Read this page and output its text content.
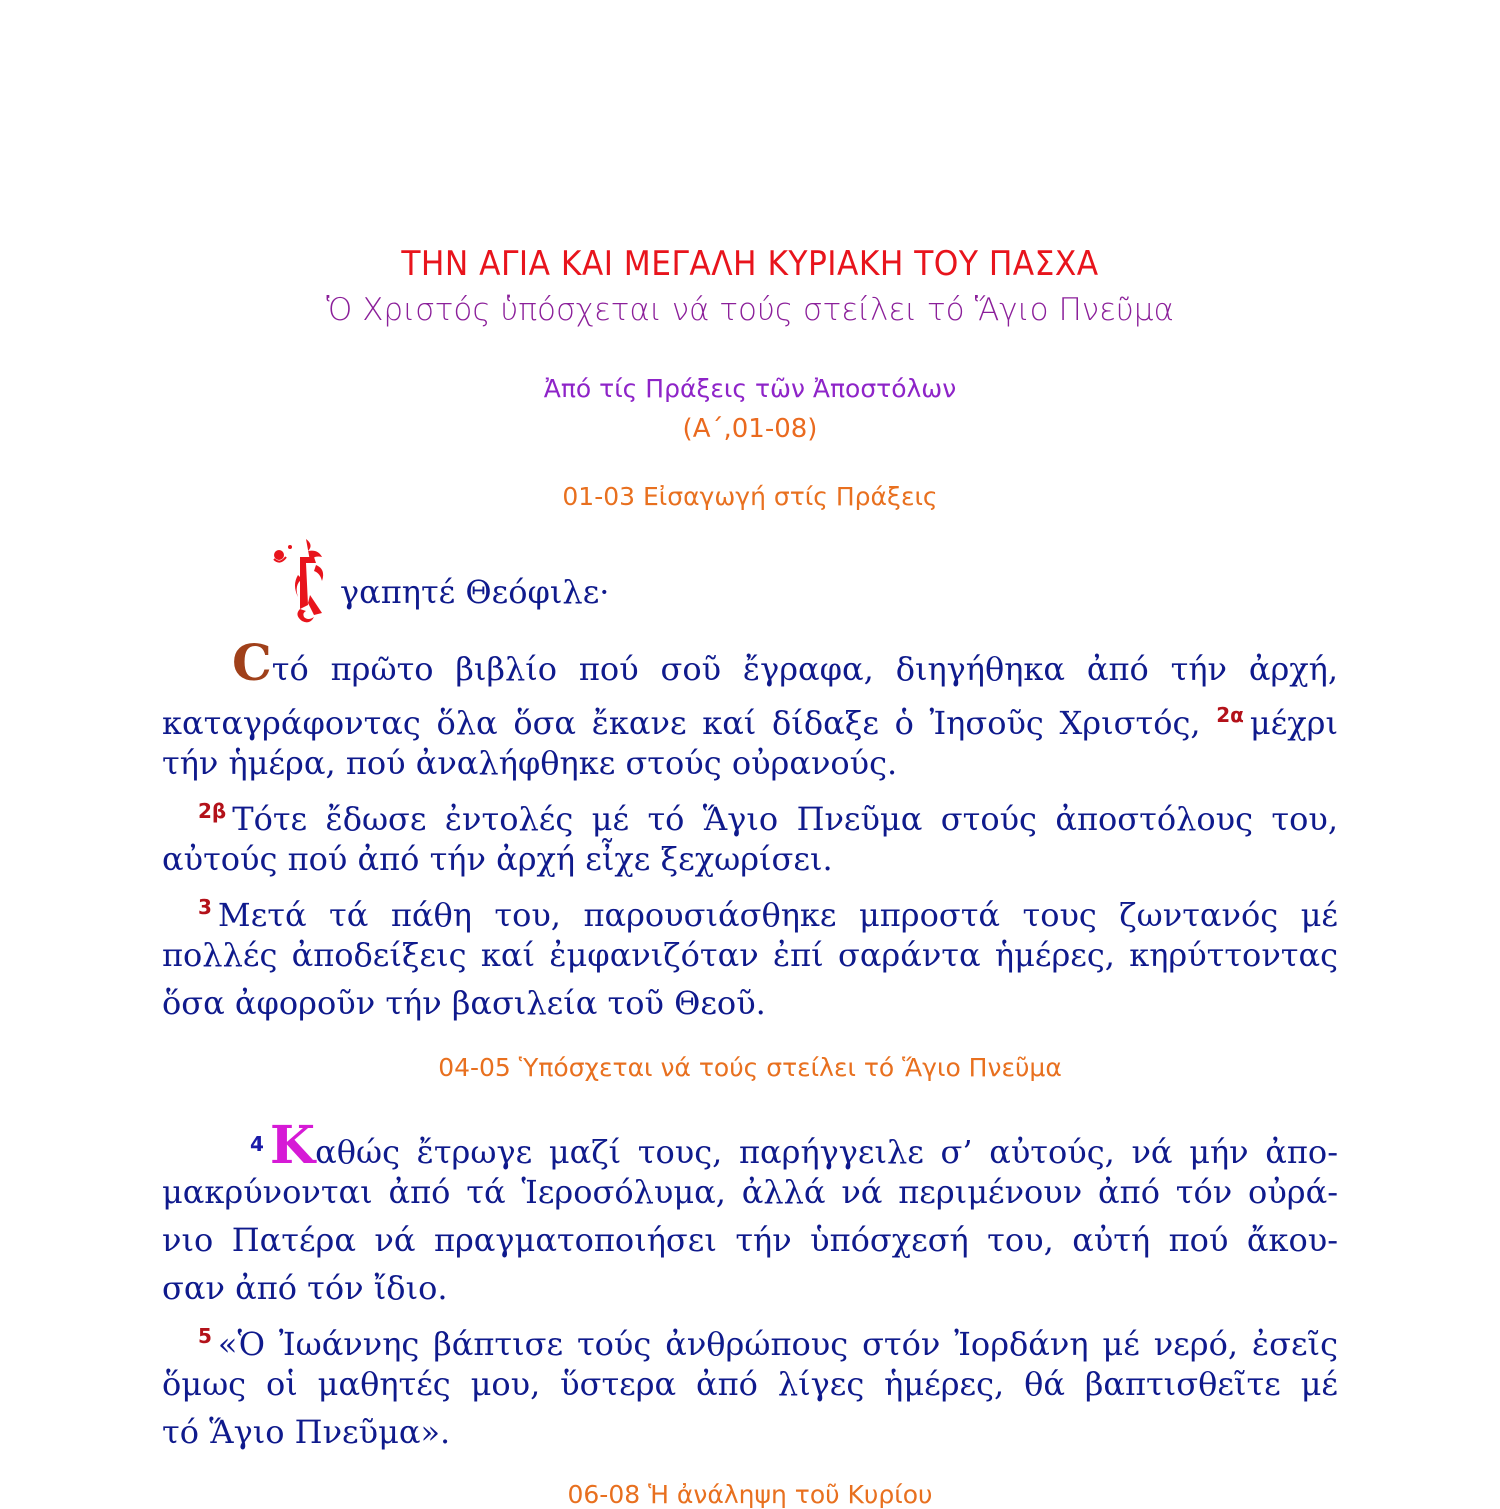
ΤΗΝ ΑΓΙΑ ΚΑΙ ΜΕΓΑΛΗ ΚΥΡΙΑΚΗ ΤΟΥ ΠΑΣΧΑ
Ὁ Χριστός ὑπόσχεται νά τούς στείλει τό Ἅγιο Πνεῦμα
Ἀπό τίς Πράξεις τῶν Ἀποστόλων
(Α΄,01-08)
01-03 Εἰσαγωγή στίς Πράξεις
γαπητέ Θεόφιλε·
Cτό πρῶτο βιβλίο πού σοῦ ἔγραφα, διηγήθηκα ἀπό τήν ἀρχή,
καταγράφοντας ὅλα ὅσα ἔκανε καί δίδαξε ὁ Ἰησοῦς Χριστός, $^{2\alpha}$ μέχρι
τήν ἡμέρα, πού ἀναλήφθηκε στούς οὐρανούς.
$^{2\beta}$ Τότε ἔδωσε ἐντολές μέ τό Ἅγιο Πνεῦμα στούς ἀποστόλους του,
αὐτούς πού ἀπό τήν ἀρχή εἶχε ξεχωρίσει.
$^3$ Μετά τά πάθη του, παρουσιάσθηκε μπροστά τους ζωντανός μέ
πολλές ἀποδείξεις καί ἐμφανιζόταν ἐπί σαράντα ἡμέρες, κηρύττοντας
ὅσα ἀφοροῦν τήν βασιλεία τοῦ Θεοῦ.
04-05 Ὑπόσχεται νά τούς στείλει τό Ἅγιο Πνεῦμα
$^4$ Καθώς ἔτρωγε μαζί τους, παρήγγειλε σ’ αὐτούς, νά μήν ἀπο-
μακρύνονται ἀπό τά Ἱεροσόλυμα, ἀλλά νά περιμένουν ἀπό τόν οὐρά-
νιο Πατέρα νά πραγματοποιήσει τήν ὑπόσχεσή του, αὐτή πού ἄκου-
σαν ἀπό τόν ἴδιο.
$^5$ «Ὁ Ἰωάννης βάπτισε τούς ἀνθρώπους στόν Ἰορδάνη μέ νερό, ἐσεῖς
ὅμως οἱ μαθητές μου, ὕστερα ἀπό λίγες ἡμέρες, θά βαπτισθεῖτε μέ
τό Ἅγιο Πνεῦμα».
06-08 Ἡ ἀνάληψη τοῦ Κυρίου
